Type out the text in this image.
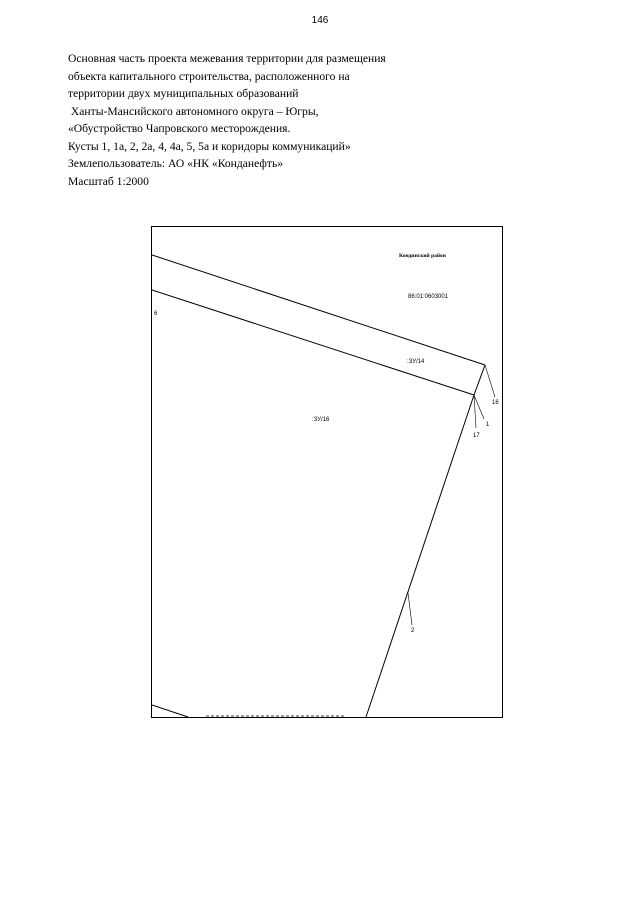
146
Основная часть проекта межевания территории для размещения
объекта капитального строительства, расположенного на
территории двух муниципальных образований
Ханты-Мансийского автономного округа – Югры,
«Обустройство Чапровского месторождения.
Кусты 1, 1а, 2, 2а, 4, 4а, 5, 5а и коридоры коммуникаций»
Землепользователь: АО «НК «Конданефть»
Масштаб 1:2000
Кондинский район
86:01:0603001
:ЗУ/14
:ЗУ/16
6
16
1
17
2
